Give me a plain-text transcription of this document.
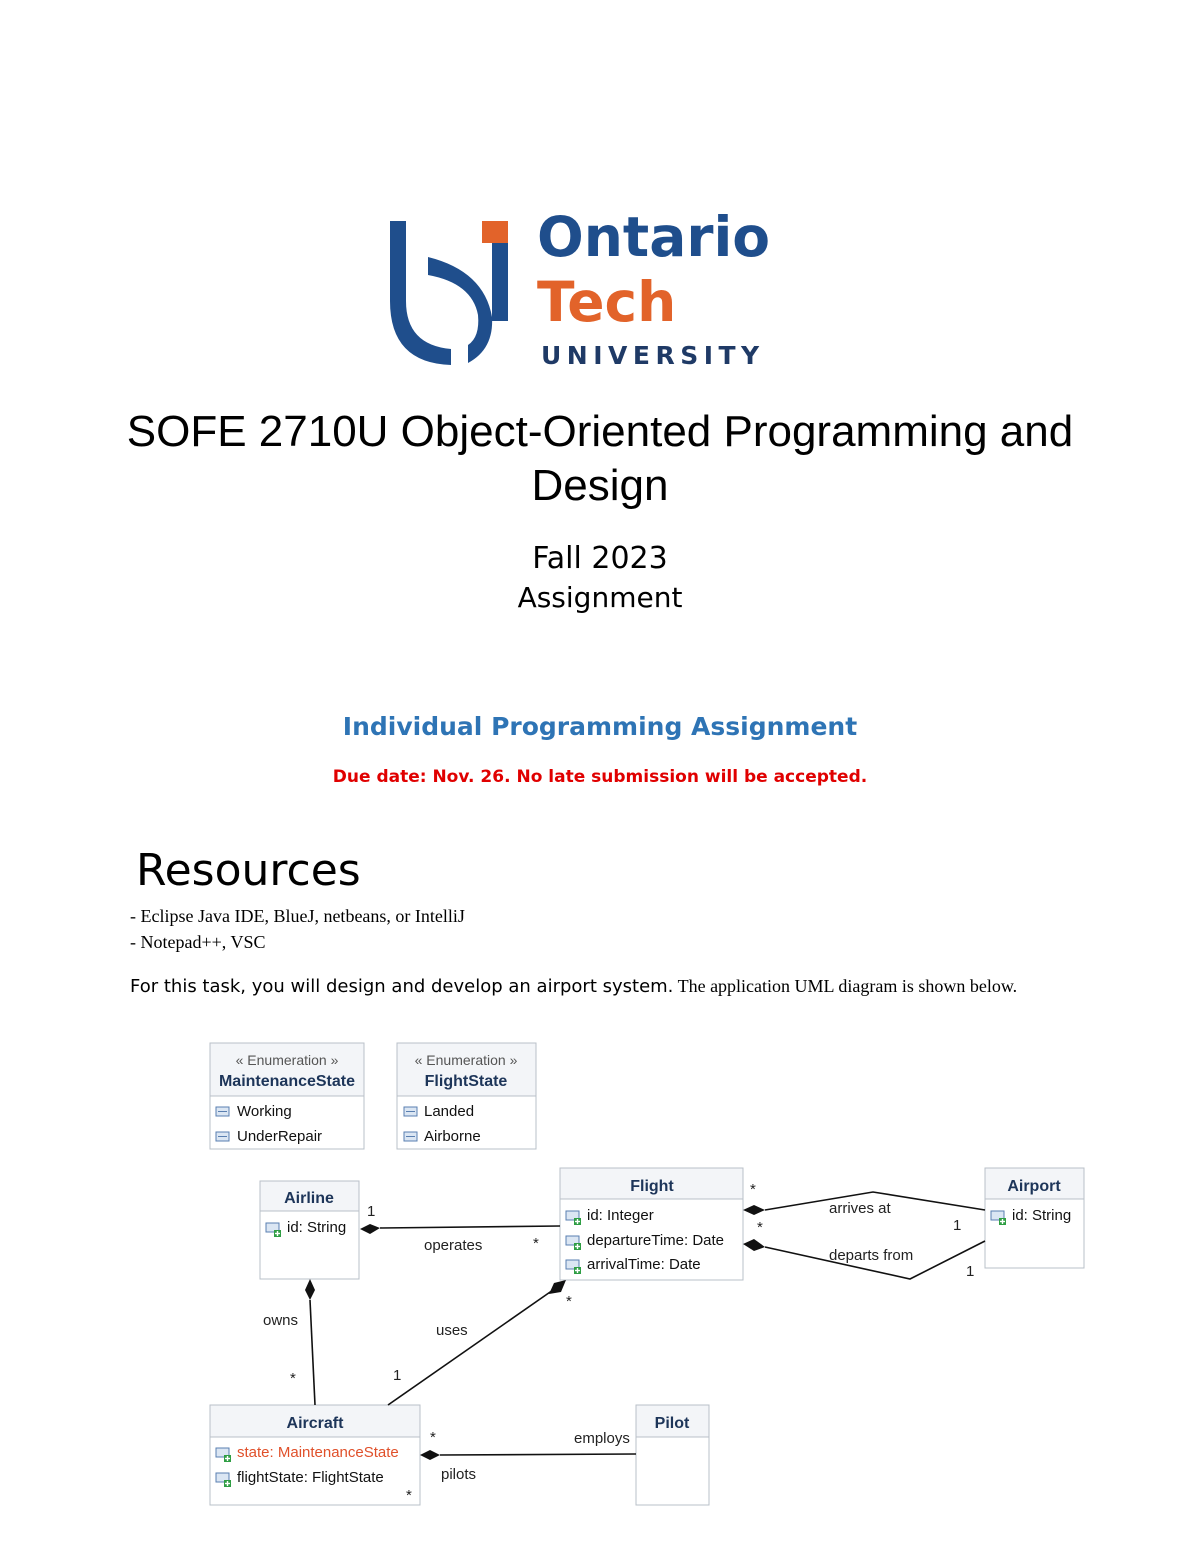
Ontario
Tech
UNIVERSITY
SOFE 2710U Object-Oriented Programming and Design
Fall 2023
Assignment
Individual Programming Assignment
Due date: Nov. 26. No late submission will be accepted.
Resources
- Eclipse Java IDE, BlueJ, netbeans, or IntelliJ
- Notepad++, VSC
For this task, you will design and develop an airport system. The application UML diagram is shown below.
« Enumeration »
MaintenanceState
Working
UnderRepair
« Enumeration »
FlightState
Landed
Airborne
Airline
id: String
Flight
id: Integer
departureTime: Date
arrivalTime: Date
Airport
id: String
Aircraft
state: MaintenanceState
flightState: FlightState
Pilot
operates
1
*
arrives at
*
1
departs from
*
1
owns
*
uses
1
*
employs
pilots
*
*
